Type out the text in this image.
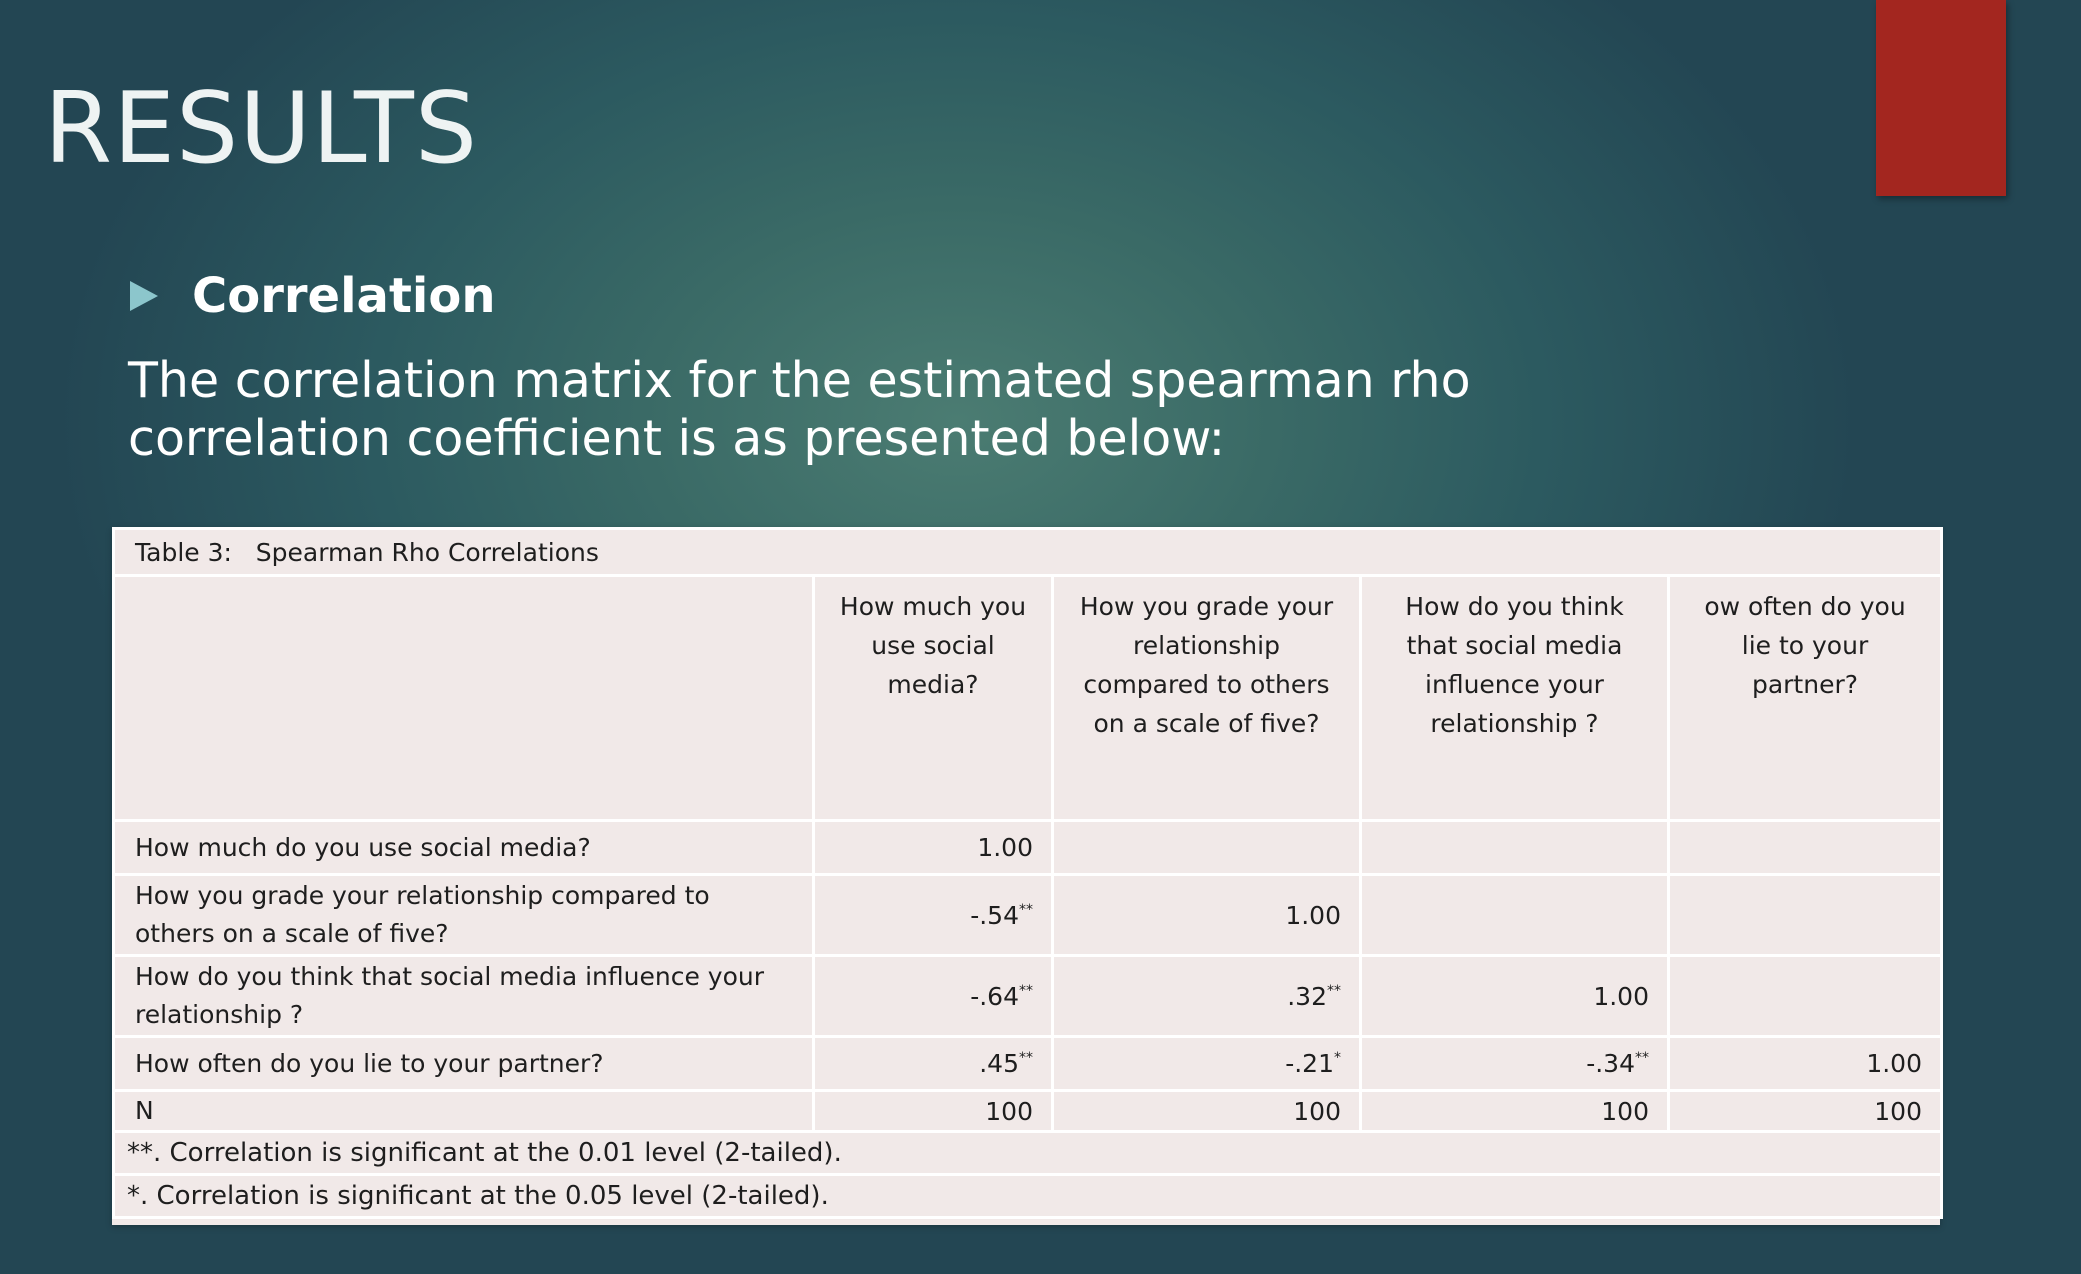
RESULTS
Correlation
The correlation matrix for the estimated spearman rho correlation coefficient is as presented below:
Table 3: Spearman Rho Correlations				
	How much you use social media?	How you grade your relationship compared to others on a scale of five?	How do you think that social media influence your relationship ?	ow often do you lie to your partner?
How much do you use social media?	1.00			
How you grade your relationship compared to others on a scale of five?	-.54**	1.00		
How do you think that social media influence your relationship ?	-.64**	.32**	1.00	
How often do you lie to your partner?	.45**	-.21*	-.34**	1.00
N	100	100	100	100
**. Correlation is significant at the 0.01 level (2-tailed).				
*. Correlation is significant at the 0.05 level (2-tailed).				
